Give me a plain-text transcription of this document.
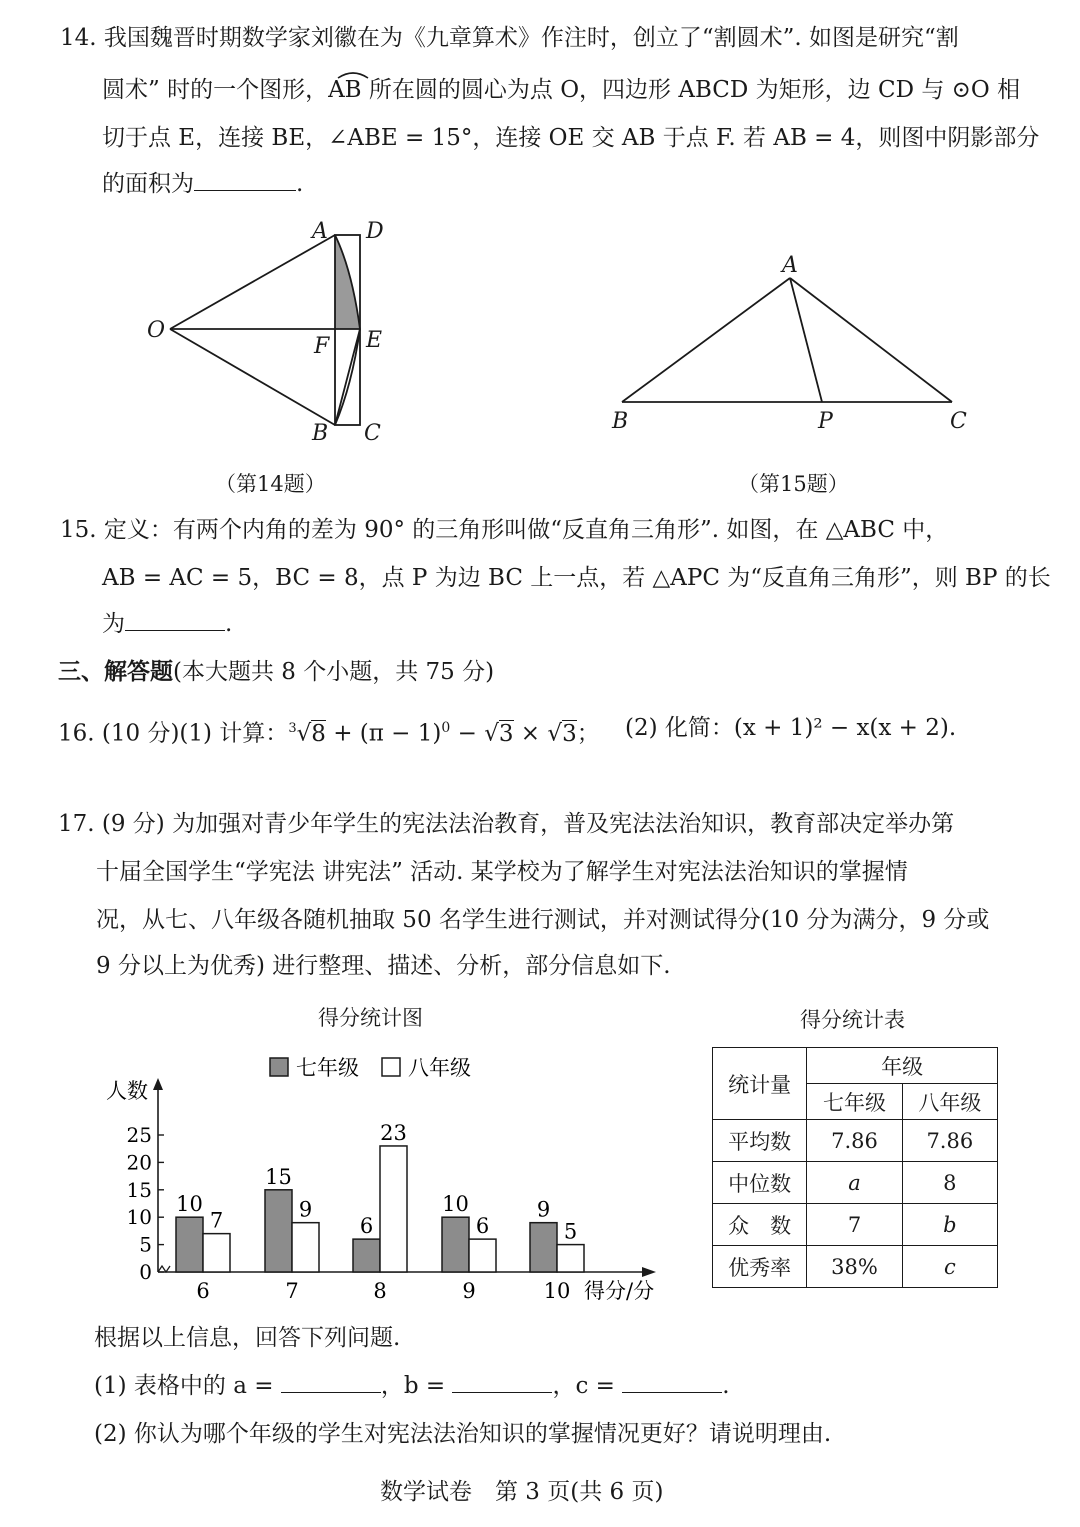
14. 我国魏晋时期数学家刘徽在为《九章算术》作注时，创立了“割圆术”. 如图是研究“割
圆术” 时的一个图形，AB 所在圆的圆心为点 O，四边形 ABCD 为矩形，边 CD 与 ⊙O 相
切于点 E，连接 BE，∠ABE = 15°，连接 OE 交 AB 于点 F. 若 AB = 4，则图中阴影部分
的面积为	.
A D
O
F E
B C
（第14题）
A
B	P	C
（第15题）
15. 定义：有两个内角的差为 90° 的三角形叫做“反直角三角形”. 如图，在 △ABC 中，
AB = AC = 5，BC = 8，点 P 为边 BC 上一点，若 △APC 为“反直角三角形”，则 BP 的长
为	.
三、解答题(本大题共 8 个小题，共 75 分)
16. (10 分)(1) 计算：$^3√8 + (\pi - 1)^0 - √3 \times √3$； (2) 化简：(x + 1)² − x(x + 2).
17. (9 分) 为加强对青少年学生的宪法法治教育，普及宪法法治知识，教育部决定举办第
十届全国学生“学宪法 讲宪法” 活动. 某学校为了解学生对宪法法治知识的掌握情
况，从七、八年级各随机抽取 50 名学生进行测试，并对测试得分(10 分为满分，9 分或
9 分以上为优秀) 进行整理、描述、分析，部分信息如下.
得分统计图
七年级 八年级
人数
得分/分
0
5
10
15
20
25
10
7
6
15
9
7
6
23
8
10
6
9
9
5
10
得分统计表
统计量	年级	
	七年级	八年级
平均数	7.86	7.86
中位数	a	8
众　数	7	b
优秀率	38%	c
根据以上信息，回答下列问题.
(1) 表格中的 a =	，b =	，c =	.
(2) 你认为哪个年级的学生对宪法法治知识的掌握情况更好？请说明理由.
数学试卷　第 3 页(共 6 页)
